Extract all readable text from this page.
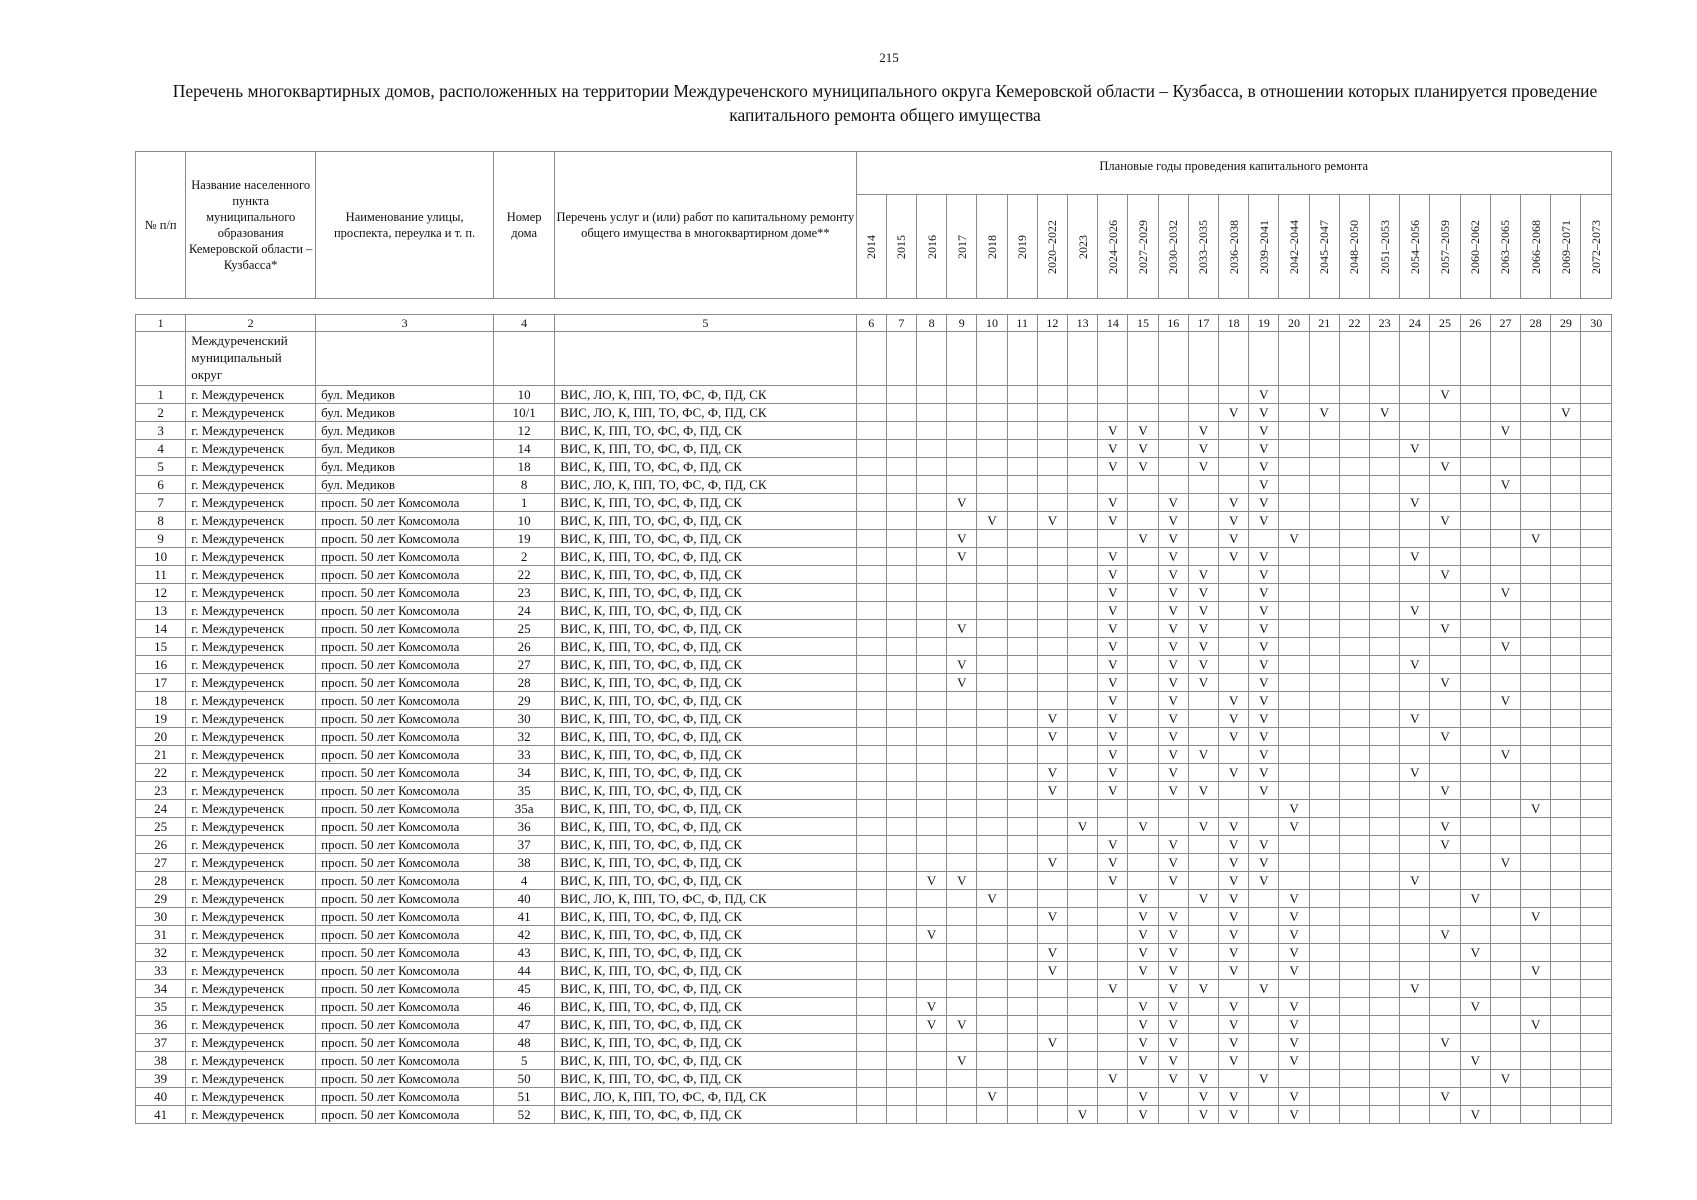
215
Перечень многоквартирных домов, расположенных на территории Междуреченского муниципального округа Кемеровской области – Кузбасса, в отношении которых планируется проведение капитального ремонта общего имущества
№ п/п	Название населенного пункта муниципального образования Кемеровской области – Кузбасса*	Наименование улицы, проспекта, переулка и т. п.	Номер дома	Перечень услуг и (или) работ по капитальному ремонту общего имущества в многоквартирном доме**	Плановые годы проведения капитального ремонта																								

					2014	2015	2016	2017	2018	2019	2020–2022	2023	2024–2026	2027–2029	2030–2032	2033–2035	2036–2038	2039–2041	2042–2044	2045–2047	2048–2050	2051–2053	2054–2056	2057–2059	2060–2062	2063–2065	2066–2068	2069–2071	2072–2073
1	2	3	4	5	6	7	8	9	10	11	12	13	14	15	16	17	18	19	20	21	22	23	24	25	26	27	28	29	30
	Междуреченский муниципальный округ																												
1	г. Междуреченск	бул. Медиков	10	ВИС, ЛО, К, ПП, ТО, ФС, Ф, ПД, СК														V						V					
2	г. Междуреченск	бул. Медиков	10/1	ВИС, ЛО, К, ПП, ТО, ФС, Ф, ПД, СК													V	V		V		V						V	
3	г. Междуреченск	бул. Медиков	12	ВИС, К, ПП, ТО, ФС, Ф, ПД, СК									V	V		V		V								V			
4	г. Междуреченск	бул. Медиков	14	ВИС, К, ПП, ТО, ФС, Ф, ПД, СК									V	V		V		V					V						
5	г. Междуреченск	бул. Медиков	18	ВИС, К, ПП, ТО, ФС, Ф, ПД, СК									V	V		V		V						V					
6	г. Междуреченск	бул. Медиков	8	ВИС, ЛО, К, ПП, ТО, ФС, Ф, ПД, СК														V								V			
7	г. Междуреченск	просп. 50 лет Комсомола	1	ВИС, К, ПП, ТО, ФС, Ф, ПД, СК				V					V		V		V	V					V						
8	г. Междуреченск	просп. 50 лет Комсомола	10	ВИС, К, ПП, ТО, ФС, Ф, ПД, СК					V		V		V		V		V	V						V					
9	г. Междуреченск	просп. 50 лет Комсомола	19	ВИС, К, ПП, ТО, ФС, Ф, ПД, СК				V						V	V		V		V								V		
10	г. Междуреченск	просп. 50 лет Комсомола	2	ВИС, К, ПП, ТО, ФС, Ф, ПД, СК				V					V		V		V	V					V						
11	г. Междуреченск	просп. 50 лет Комсомола	22	ВИС, К, ПП, ТО, ФС, Ф, ПД, СК									V		V	V		V						V					
12	г. Междуреченск	просп. 50 лет Комсомола	23	ВИС, К, ПП, ТО, ФС, Ф, ПД, СК									V		V	V		V								V			
13	г. Междуреченск	просп. 50 лет Комсомола	24	ВИС, К, ПП, ТО, ФС, Ф, ПД, СК									V		V	V		V					V						
14	г. Междуреченск	просп. 50 лет Комсомола	25	ВИС, К, ПП, ТО, ФС, Ф, ПД, СК				V					V		V	V		V						V					
15	г. Междуреченск	просп. 50 лет Комсомола	26	ВИС, К, ПП, ТО, ФС, Ф, ПД, СК									V		V	V		V								V			
16	г. Междуреченск	просп. 50 лет Комсомола	27	ВИС, К, ПП, ТО, ФС, Ф, ПД, СК				V					V		V	V		V					V						
17	г. Междуреченск	просп. 50 лет Комсомола	28	ВИС, К, ПП, ТО, ФС, Ф, ПД, СК				V					V		V	V		V						V					
18	г. Междуреченск	просп. 50 лет Комсомола	29	ВИС, К, ПП, ТО, ФС, Ф, ПД, СК									V		V		V	V								V			
19	г. Междуреченск	просп. 50 лет Комсомола	30	ВИС, К, ПП, ТО, ФС, Ф, ПД, СК							V		V		V		V	V					V						
20	г. Междуреченск	просп. 50 лет Комсомола	32	ВИС, К, ПП, ТО, ФС, Ф, ПД, СК							V		V		V		V	V						V					
21	г. Междуреченск	просп. 50 лет Комсомола	33	ВИС, К, ПП, ТО, ФС, Ф, ПД, СК									V		V	V		V								V			
22	г. Междуреченск	просп. 50 лет Комсомола	34	ВИС, К, ПП, ТО, ФС, Ф, ПД, СК							V		V		V		V	V					V						
23	г. Междуреченск	просп. 50 лет Комсомола	35	ВИС, К, ПП, ТО, ФС, Ф, ПД, СК							V		V		V	V		V						V					
24	г. Междуреченск	просп. 50 лет Комсомола	35а	ВИС, К, ПП, ТО, ФС, Ф, ПД, СК															V								V		
25	г. Междуреченск	просп. 50 лет Комсомола	36	ВИС, К, ПП, ТО, ФС, Ф, ПД, СК								V		V		V	V		V					V					
26	г. Междуреченск	просп. 50 лет Комсомола	37	ВИС, К, ПП, ТО, ФС, Ф, ПД, СК									V		V		V	V						V					
27	г. Междуреченск	просп. 50 лет Комсомола	38	ВИС, К, ПП, ТО, ФС, Ф, ПД, СК							V		V		V		V	V								V			
28	г. Междуреченск	просп. 50 лет Комсомола	4	ВИС, К, ПП, ТО, ФС, Ф, ПД, СК			V	V					V		V		V	V					V						
29	г. Междуреченск	просп. 50 лет Комсомола	40	ВИС, ЛО, К, ПП, ТО, ФС, Ф, ПД, СК					V					V		V	V		V						V				
30	г. Междуреченск	просп. 50 лет Комсомола	41	ВИС, К, ПП, ТО, ФС, Ф, ПД, СК							V			V	V		V		V								V		
31	г. Междуреченск	просп. 50 лет Комсомола	42	ВИС, К, ПП, ТО, ФС, Ф, ПД, СК			V							V	V		V		V					V					
32	г. Междуреченск	просп. 50 лет Комсомола	43	ВИС, К, ПП, ТО, ФС, Ф, ПД, СК							V			V	V		V		V						V				
33	г. Междуреченск	просп. 50 лет Комсомола	44	ВИС, К, ПП, ТО, ФС, Ф, ПД, СК							V			V	V		V		V								V		
34	г. Междуреченск	просп. 50 лет Комсомола	45	ВИС, К, ПП, ТО, ФС, Ф, ПД, СК									V		V	V		V					V						
35	г. Междуреченск	просп. 50 лет Комсомола	46	ВИС, К, ПП, ТО, ФС, Ф, ПД, СК			V							V	V		V		V						V				
36	г. Междуреченск	просп. 50 лет Комсомола	47	ВИС, К, ПП, ТО, ФС, Ф, ПД, СК			V	V						V	V		V		V								V		
37	г. Междуреченск	просп. 50 лет Комсомола	48	ВИС, К, ПП, ТО, ФС, Ф, ПД, СК							V			V	V		V		V					V					
38	г. Междуреченск	просп. 50 лет Комсомола	5	ВИС, К, ПП, ТО, ФС, Ф, ПД, СК				V						V	V		V		V						V				
39	г. Междуреченск	просп. 50 лет Комсомола	50	ВИС, К, ПП, ТО, ФС, Ф, ПД, СК									V		V	V		V								V			
40	г. Междуреченск	просп. 50 лет Комсомола	51	ВИС, ЛО, К, ПП, ТО, ФС, Ф, ПД, СК					V					V		V	V		V					V					
41	г. Междуреченск	просп. 50 лет Комсомола	52	ВИС, К, ПП, ТО, ФС, Ф, ПД, СК								V		V		V	V		V						V				
